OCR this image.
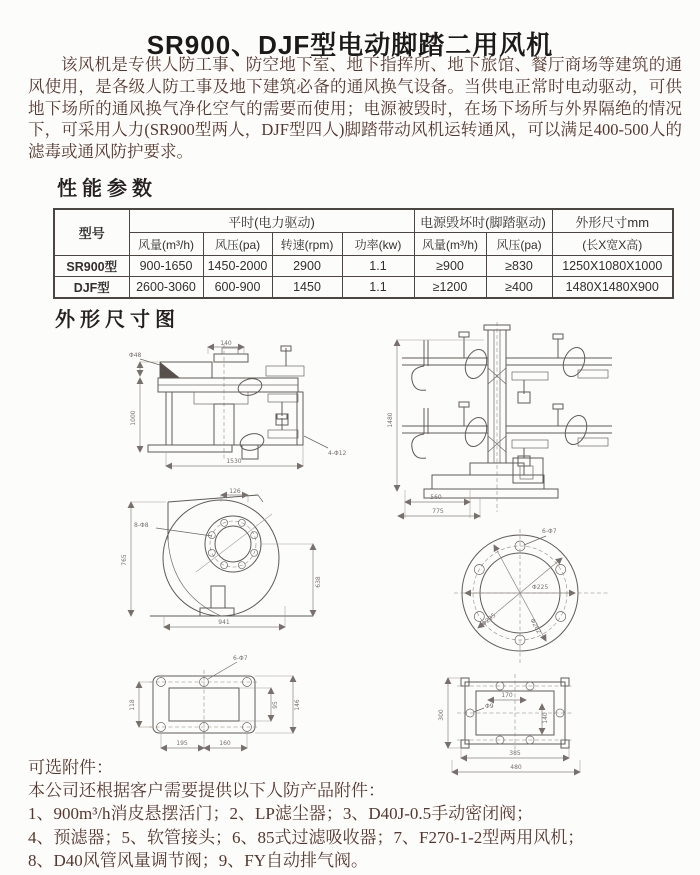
SR900、DJF型电动脚踏二用风机

该风机是专供人防工事、防空地下室、地下指挥所、地下旅馆、餐厅商场等建筑的通风使用，是各级人防工事及地下建筑必备的通风换气设备。当供电正常时电动驱动，可供地下场所的通风换气净化空气的需要而使用；电源被毁时，在场下场所与外界隔绝的情况下，可采用人力(SR900型两人，DJF型四人)脚踏带动风机运转通风，可以满足400-500人的滤毒或通风防护要求。

性能参数
型号	平时(电力驱动)				电源毁坏时(脚踏驱动)		外形尺寸mm
	风量(m³/h)	风压(pa)	转速(rpm)	功率(kw)	风量(m³/h)	风压(pa)	(长X宽X高)
SR900型	900-1650	1450-2000	2900	1.1	≥900	≥830	1250X1080X1000
DJF型	2600-3060	600-900	1450	1.1	≥1200	≥400	1480X1480X900
外形尺寸图
1000
1530
140
Φ48
4-Φ12
1480
560
775
8-Φ8
126
765
638
941
6-Φ7
Φ225
Φ295	Φ262
6-Φ7
195	160
118	95	146	Φ9
170
140
300
385
480
可选附件：
本公司还根据客户需要提供以下人防产品附件：
1、900m³/h消皮悬摆活门；2、LP滤尘器；3、D40J-0.5手动密闭阀；
4、预滤器；5、软管接头；6、85式过滤吸收器；7、F270-1-2型两用风机；
8、D40风管风量调节阀；9、FY自动排气阀。
